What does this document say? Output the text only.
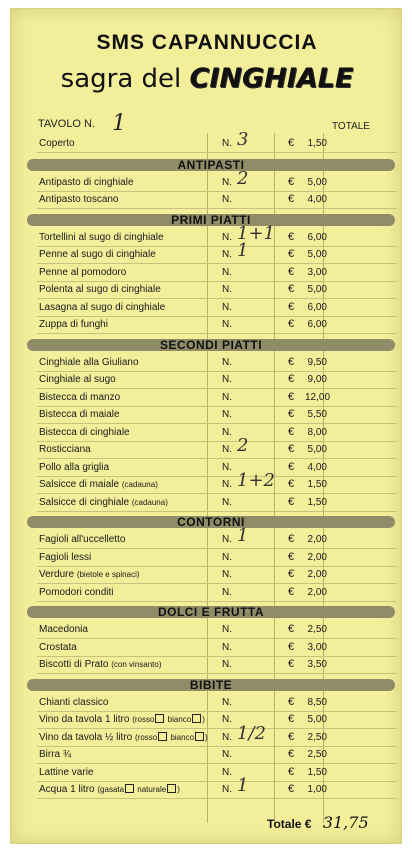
SMS CAPANNUCCIA
sagra del CINGHIALE
TAVOLO N. 1	TOTALE
Coperto	N. 3	€ 1,50
ANTIPASTI
Antipasto di cinghiale	N. 2	€ 5,00
Antipasto toscano	N.	€ 4,00
PRIMI PIATTI
Tortellini al sugo di cinghiale	N. 1+1 € 6,00
Penne al sugo di cinghiale	N. 1	€ 5,00
Penne al pomodoro	N.	€ 3,00
Polenta al sugo di cinghiale	N.	€ 5,00
Lasagna al sugo di cinghiale	N.	€ 6,00
Zuppa di funghi	N.	€ 6,00
SECONDI PIATTI
Cinghiale alla Giuliano	N.	€ 9,50
Cinghiale al sugo	N.	€ 9,00
Bistecca di manzo	N.	€ 12,00
Bistecca di maiale	N.	€ 5,50
Bistecca di cinghiale	N.	€ 8,00
Rosticciana	N. 2	€ 5,00
Pollo alla griglia	N.	€ 4,00
Salsicce di maiale (cadauna)	N. 1+2 € 1,50
Salsicce di cinghiale (cadauna)	N.	€ 1,50
CONTORNI
Fagioli all'uccelletto	N. 1	€ 2,00
Fagioli lessi	N.	€ 2,00
Verdure (bietole e spinaci)	N.	€ 2,00
Pomodori conditi	N.	€ 2,00
DOLCI E FRUTTA
Macedonia	N.	€ 2,50
Crostata	N.	€ 3,00
Biscotti di Prato (con vinsanto)	N.	€ 3,50
BIBITE
Chianti classico	N.	€ 8,50
Vino da tavola 1 litro (rosso bianco ) N.	€ 5,00
Vino da tavola ½ litro (rosso bianco ) N. 1/2 € 2,50
Birra ¾	N.	€ 2,50
Lattine varie	N.	€ 1,50
Acqua 1 litro (gasata naturale )	N. 1	€ 1,00
Totale € 31,75
